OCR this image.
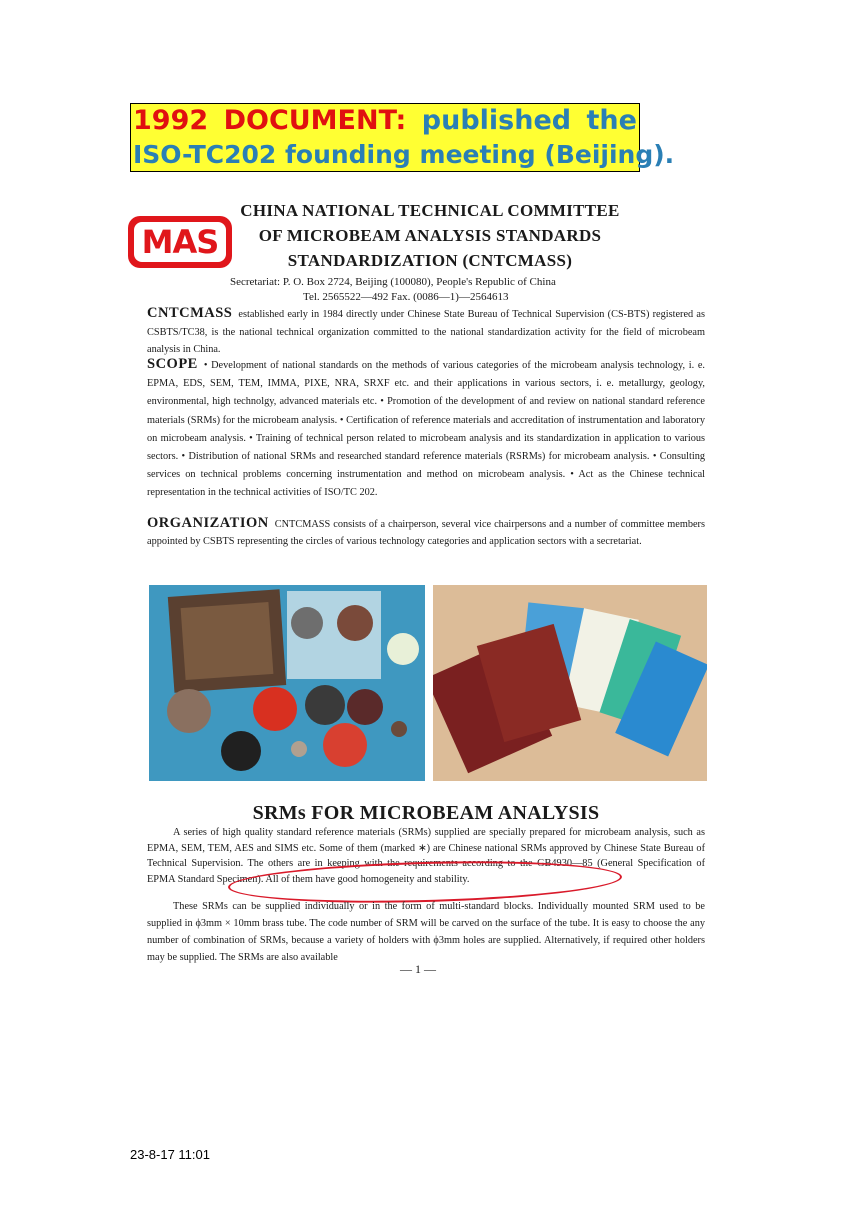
1992 DOCUMENT: published the
ISO-TC202 founding meeting (Beijing).
MAS
CHINA NATIONAL TECHNICAL COMMITTEE
OF MICROBEAM ANALYSIS STANDARDS
STANDARDIZATION (CNTCMASS)
Secretariat: P. O. Box 2724, Beijing (100080), People's Republic of China
Tel. 2565522—492 Fax. (0086—1)—2564613
CNTCMASS established early in 1984 directly under Chinese State Bureau of Technical Supervision (CS-BTS) registered as CSBTS/TC38, is the national technical organization committed to the national standardization activity for the field of microbeam analysis in China.
SCOPE • Development of national standards on the methods of various categories of the microbeam analysis technology, i. e. EPMA, EDS, SEM, TEM, IMMA, PIXE, NRA, SRXF etc. and their applications in various sectors, i. e. metallurgy, geology, environmental, high technolgy, advanced materials etc. • Promotion of the development of and review on national standard reference materials (SRMs) for the microbeam analysis. • Certification of reference materials and accreditation of instrumentation and laboratory on microbeam analysis. • Training of technical person related to microbeam analysis and its standardization in application to various sectors. • Distribution of national SRMs and researched standard reference materials (RSRMs) for microbeam analysis. • Consulting services on technical problems concerning instrumentation and method on microbeam analysis. • Act as the Chinese technical representation in the technical activities of ISO/TC 202.
ORGANIZATION CNTCMASS consists of a chairperson, several vice chairpersons and a number of committee members appointed by CSBTS representing the circles of various technology categories and application sectors with a secretariat.
SRMs FOR MICROBEAM ANALYSIS
A series of high quality standard reference materials (SRMs) supplied are specially prepared for microbeam analysis, such as EPMA, SEM, TEM, AES and SIMS etc. Some of them (marked ∗) are Chinese national SRMs approved by Chinese State Bureau of Technical Supervision. The others are in keeping with the requirements according to the GB4930—85 (General Specification of EPMA Standard Specimen). All of them have good homogeneity and stability.
These SRMs can be supplied individually or in the form of multi-standard blocks. Individually mounted SRM used to be supplied in ϕ3mm × 10mm brass tube. The code number of SRM will be carved on the surface of the tube. It is easy to choose the any number of combination of SRMs, because a variety of holders with ϕ3mm holes are supplied. Alternatively, if required other holders may be supplied. The SRMs are also available
— 1 —
23-8-17 11:01
